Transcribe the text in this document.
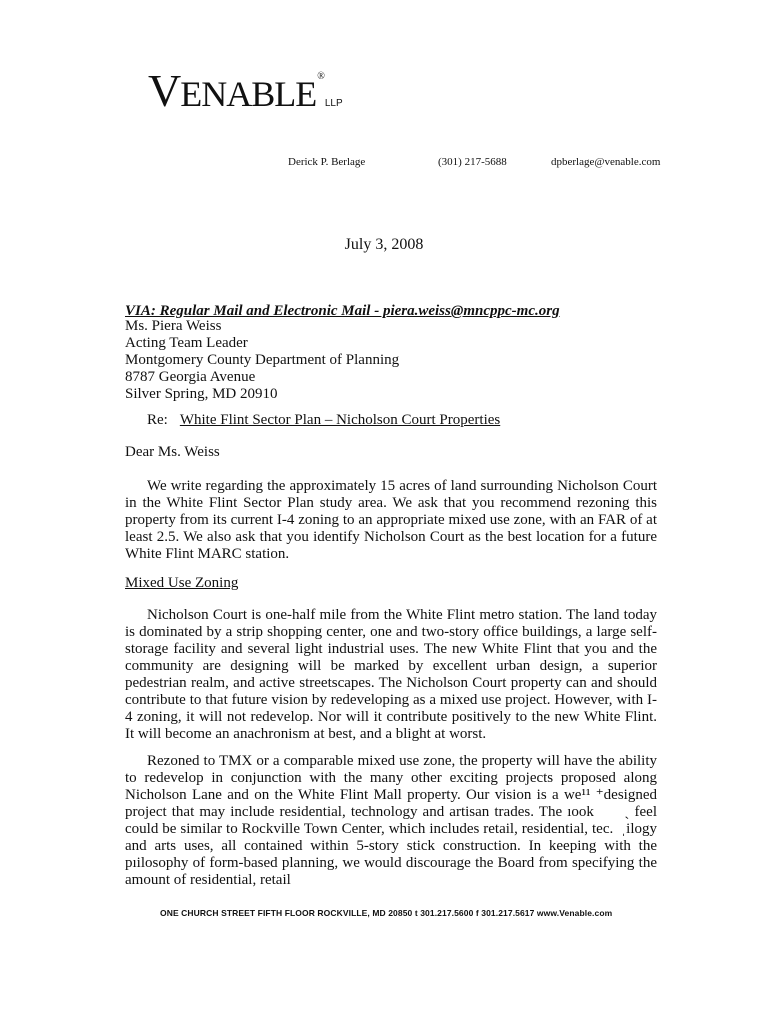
VENABLE®LLP
Derick P. Berlage	(301) 217-5688	dpberlage@venable.com
July 3, 2008
VIA: Regular Mail and Electronic Mail - piera.weiss@mncppc-mc.org
Ms. Piera Weiss
Acting Team Leader
Montgomery County Department of Planning
8787 Georgia Avenue
Silver Spring, MD 20910
Re: White Flint Sector Plan – Nicholson Court Properties
Dear Ms. Weiss
We write regarding the approximately 15 acres of land surrounding Nicholson Court in the White Flint Sector Plan study area. We ask that you recommend rezoning this property from its current I-4 zoning to an appropriate mixed use zone, with an FAR of at least 2.5. We also ask that you identify Nicholson Court as the best location for a future White Flint MARC station.
Mixed Use Zoning
Nicholson Court is one-half mile from the White Flint metro station. The land today is dominated by a strip shopping center, one and two-story office buildings, a large self-storage facility and several light industrial uses. The new White Flint that you and the community are designing will be marked by excellent urban design, a superior pedestrian realm, and active streetscapes. The Nicholson Court property can and should contribute to that future vision by redeveloping as a mixed use project. However, with I-4 zoning, it will not redevelop. Nor will it contribute positively to the new White Flint. It will become an anachronism at best, and a blight at worst.
Rezoned to TMX or a comparable mixed use zone, the property will have the ability to redevelop in conjunction with the many other exciting projects proposed along Nicholson Lane and on the White Flint Mall property. Our vision is a we¹¹ ⁺designed project that may include residential, technology and artisan trades. The ıook      ˎ feel could be similar to Rockville Town Center, which includes retail, residential, tec.  ˌilogy and arts uses, all contained within 5-story stick construction. In keeping with the pıilosophy of form-based planning, we would discourage the Board from specifying the amount of residential, retail
ONE CHURCH STREET FIFTH FLOOR ROCKVILLE, MD 20850 t 301.217.5600 f 301.217.5617 www.Venable.com
